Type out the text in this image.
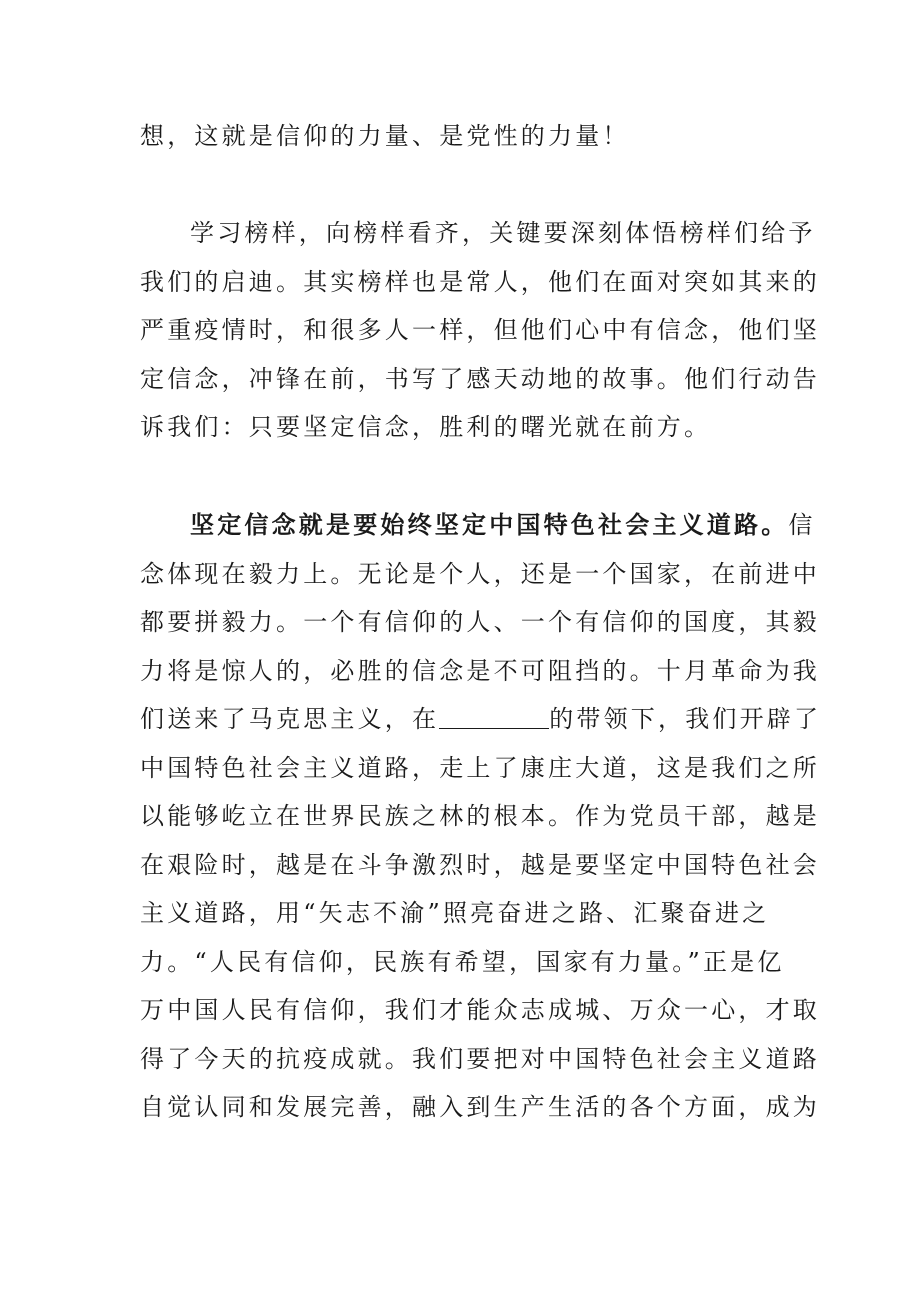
想，这就是信仰的力量、是党性的力量！
学习榜样，向榜样看齐，关键要深刻体悟榜样们给予
我们的启迪。其实榜样也是常人，他们在面对突如其来的
严重疫情时，和很多人一样，但他们心中有信念，他们坚
定信念，冲锋在前，书写了感天动地的故事。他们行动告
诉我们：只要坚定信念，胜利的曙光就在前方。
坚定信念就是要始终坚定中国特色社会主义道路。信
念体现在毅力上。无论是个人，还是一个国家，在前进中
都要拼毅力。一个有信仰的人、一个有信仰的国度，其毅
力将是惊人的，必胜的信念是不可阻挡的。十月革命为我
们送来了马克思主义，在	的带领下，我们开辟了
中国特色社会主义道路，走上了康庄大道，这是我们之所
以能够屹立在世界民族之林的根本。作为党员干部，越是
在艰险时，越是在斗争激烈时，越是要坚定中国特色社会
主义道路，用“矢志不渝”照亮奋进之路、汇聚奋进之
力。“人民有信仰，民族有希望，国家有力量。”正是亿
万中国人民有信仰，我们才能众志成城、万众一心，才取
得了今天的抗疫成就。我们要把对中国特色社会主义道路
自觉认同和发展完善，融入到生产生活的各个方面，成为
